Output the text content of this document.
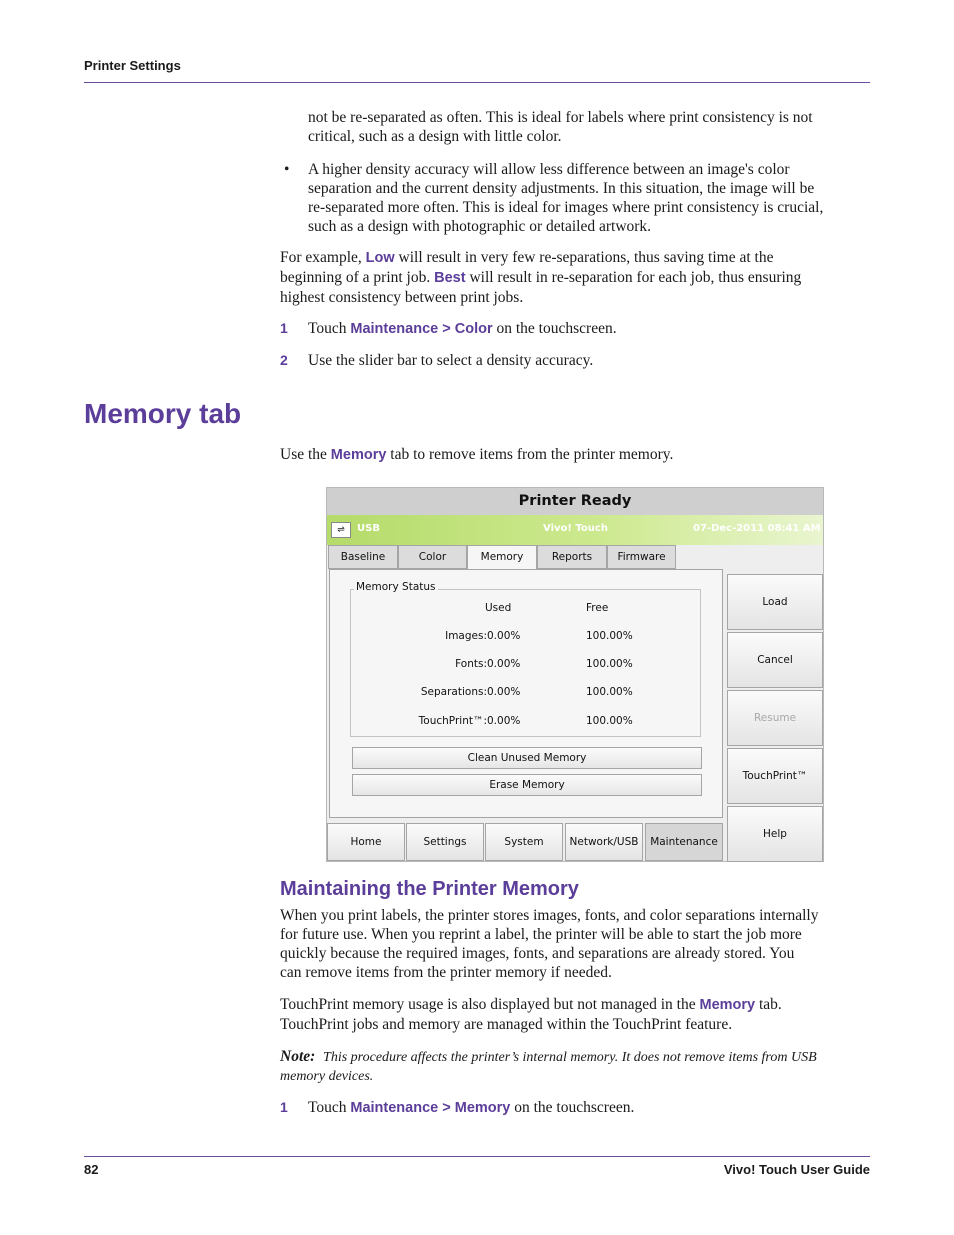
Printer Settings
not be re-separated as often. This is ideal for labels where print consistency is not
critical, such as a design with little color.
• A higher density accuracy will allow less difference between an image's color
separation and the current density adjustments. In this situation, the image will be
re-separated more often. This is ideal for images where print consistency is crucial,
such as a design with photographic or detailed artwork.
For example, Low will result in very few re-separations, thus saving time at the
beginning of a print job. Best will result in re-separation for each job, thus ensuring
highest consistency between print jobs.
1 Touch Maintenance > Color on the touchscreen.
2 Use the slider bar to select a density accuracy.
Memory tab
Use the Memory tab to remove items from the printer memory.
Printer Ready
⇌	USB	Vivo! Touch	07-Dec-2011 08:41 AM
Baseline	Color	Memory	Reports	Firmware
Memory Status
Used	Free
Images: 0.00%	100.00%
Fonts: 0.00%	100.00%
Separations: 0.00%	100.00%
TouchPrint™: 0.00%	100.00%
Clean Unused Memory
Erase Memory
Load
Cancel
Resume
TouchPrint™
Help
Home	Settings	System	Network/USB	Maintenance
Maintaining the Printer Memory
When you print labels, the printer stores images, fonts, and color separations internally
for future use. When you reprint a label, the printer will be able to start the job more
quickly because the required images, fonts, and separations are already stored. You
can remove items from the printer memory if needed.
TouchPrint memory usage is also displayed but not managed in the Memory tab.
TouchPrint jobs and memory are managed within the TouchPrint feature.
Note: This procedure affects the printer’s internal memory. It does not remove items from USB
memory devices.
1 Touch Maintenance > Memory on the touchscreen.
82	Vivo! Touch User Guide
